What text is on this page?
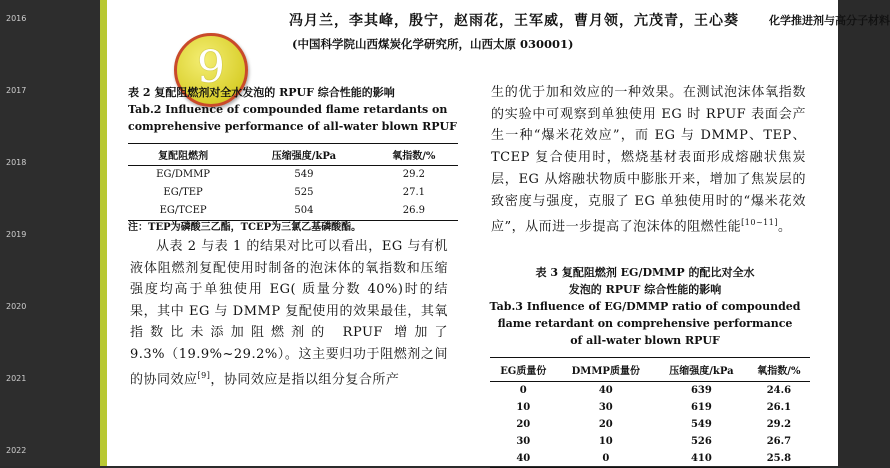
2016
2017
2018
2019
2020
2021
2022
9
冯月兰，李其峰，殷宁，赵雨花，王军威，曹月领，亢茂青，王心葵	化学推进剂与高分子材料
(中国科学院山西煤炭化学研究所，山西太原 030001)
表 2 复配阻燃剂对全水发泡的 RPUF 综合性能的影响
Tab.2 Influence of compounded flame retardants on
comprehensive performance of all-water blown RPUF
复配阻燃剂	压缩强度/kPa	氧指数/%
EG/DMMP	549	29.2
EG/TEP	525	27.1
EG/TCEP	504	26.9
注：TEP为磷酸三乙酯，TCEP为三氯乙基磷酸酯。

从表 2 与表 1 的结果对比可以看出，EG 与有机液体阻燃剂复配使用时制备的泡沫体的氧指数和压缩强度均高于单独使用 EG( 质量分数 40%)时的结果，其中 EG 与 DMMP 复配使用的效果最佳，其氧指数比未添加阻燃剂的 RPUF 增加了 9.3%（19.9%~29.2%）。这主要归功于阻燃剂之间的协同效应[9]，协同效应是指以组分复合所产

生的优于加和效应的一种效果。在测试泡沫体氧指数的实验中可观察到单独使用 EG 时 RPUF 表面会产生一种“爆米花效应”，而 EG 与 DMMP、TEP、TCEP 复合使用时，燃烧基材表面形成熔融状焦炭层，EG 从熔融状物质中膨胀开来，增加了焦炭层的致密度与强度，克服了 EG 单独使用时的“爆米花效应”，从而进一步提高了泡沫体的阻燃性能[10~11]。
表 3 复配阻燃剂 EG/DMMP 的配比对全水
发泡的 RPUF 综合性能的影响
Tab.3 Influence of EG/DMMP ratio of compounded
flame retardant on comprehensive performance
of all-water blown RPUF
EG质量份	DMMP质量份	压缩强度/kPa	氧指数/%
0	40	639	24.6
10	30	619	26.1
20	20	549	29.2
30	10	526	26.7
40	0	410	25.8
